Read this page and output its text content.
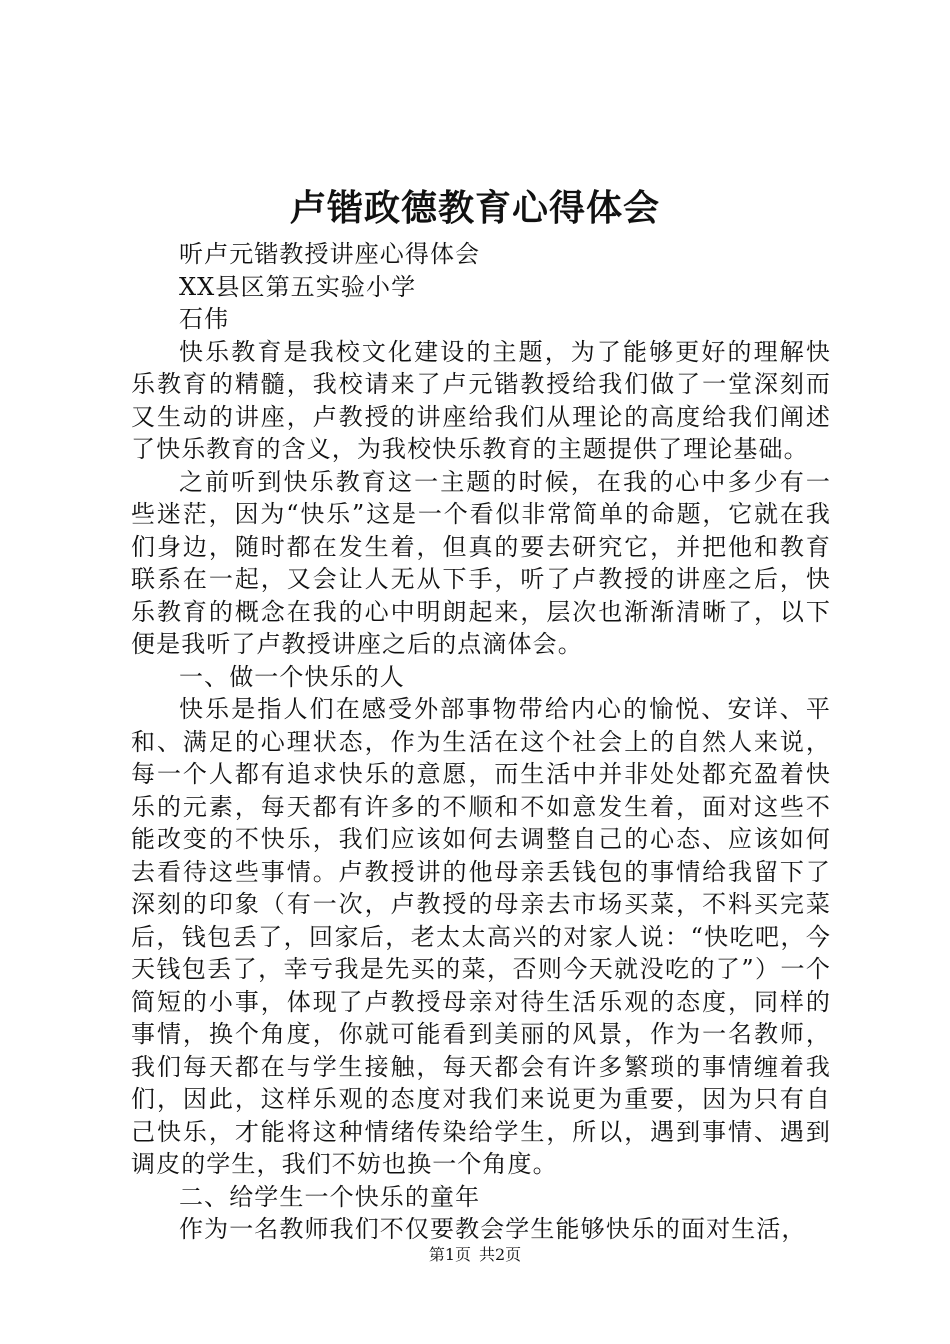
卢锴政德教育心得体会

听卢元锴教授讲座心得体会

XX县区第五实验小学

石伟

快乐教育是我校文化建设的主题，为了能够更好的理解快乐教育的精髓，我校请来了卢元锴教授给我们做了一堂深刻而又生动的讲座，卢教授的讲座给我们从理论的高度给我们阐述了快乐教育的含义，为我校快乐教育的主题提供了理论基础。

之前听到快乐教育这一主题的时候，在我的心中多少有一些迷茫，因为“快乐”这是一个看似非常简单的命题，它就在我们身边，随时都在发生着，但真的要去研究它，并把他和教育联系在一起，又会让人无从下手，听了卢教授的讲座之后，快乐教育的概念在我的心中明朗起来，层次也渐渐清晰了，以下便是我听了卢教授讲座之后的点滴体会。

一、做一个快乐的人

快乐是指人们在感受外部事物带给内心的愉悦、安详、平和、满足的心理状态，作为生活在这个社会上的自然人来说，每一个人都有追求快乐的意愿，而生活中并非处处都充盈着快乐的元素，每天都有许多的不顺和不如意发生着，面对这些不能改变的不快乐，我们应该如何去调整自己的心态、应该如何去看待这些事情。卢教授讲的他母亲丢钱包的事情给我留下了深刻的印象（有一次，卢教授的母亲去市场买菜，不料买完菜后，钱包丢了，回家后，老太太高兴的对家人说：“快吃吧，今天钱包丢了，幸亏我是先买的菜，否则今天就没吃的了”）一个简短的小事，体现了卢教授母亲对待生活乐观的态度，同样的事情，换个角度，你就可能看到美丽的风景，作为一名教师，我们每天都在与学生接触，每天都会有许多繁琐的事情缠着我们，因此，这样乐观的态度对我们来说更为重要，因为只有自己快乐，才能将这种情绪传染给学生，所以，遇到事情、遇到调皮的学生，我们不妨也换一个角度。

二、给学生一个快乐的童年

作为一名教师我们不仅要教会学生能够快乐的面对生活，

第1页 共2页
